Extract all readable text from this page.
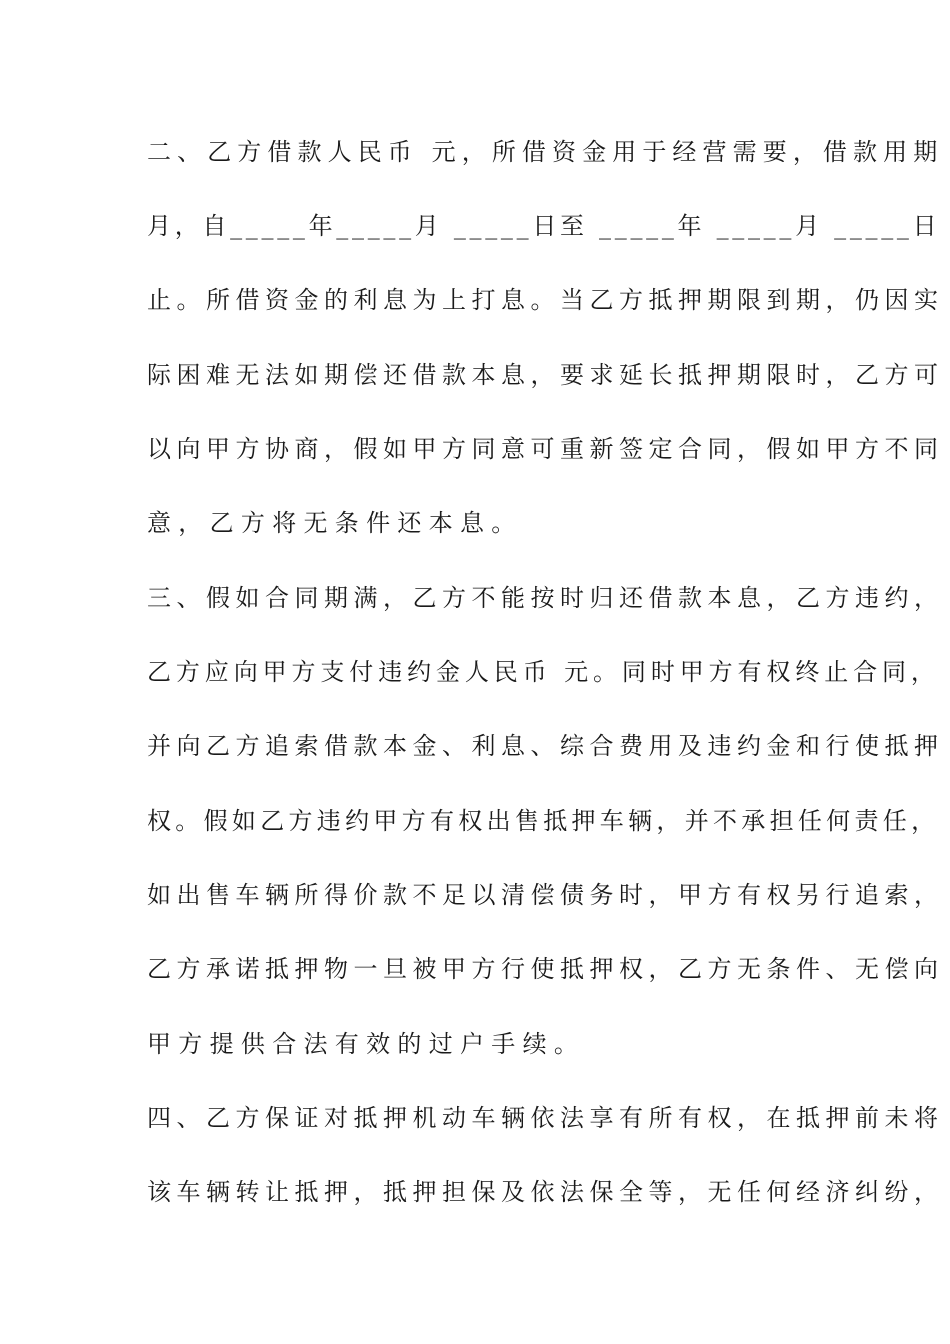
二、乙方借款人民币 元，所借资金用于经营需要，借款用期
月，自_____年_____月 _____日至 _____年 _____月 _____日
止。所借资金的利息为上打息。当乙方抵押期限到期，仍因实
际困难无法如期偿还借款本息，要求延长抵押期限时，乙方可
以向甲方协商，假如甲方同意可重新签定合同，假如甲方不同
意，乙方将无条件还本息。
三、假如合同期满，乙方不能按时归还借款本息，乙方违约，
乙方应向甲方支付违约金人民币 元。同时甲方有权终止合同，
并向乙方追索借款本金、利息、综合费用及违约金和行使抵押
权。假如乙方违约甲方有权出售抵押车辆，并不承担任何责任，
如出售车辆所得价款不足以清偿债务时，甲方有权另行追索，
乙方承诺抵押物一旦被甲方行使抵押权，乙方无条件、无偿向
甲方提供合法有效的过户手续。
四、乙方保证对抵押机动车辆依法享有所有权，在抵押前未将
该车辆转让抵押，抵押担保及依法保全等，无任何经济纠纷，
